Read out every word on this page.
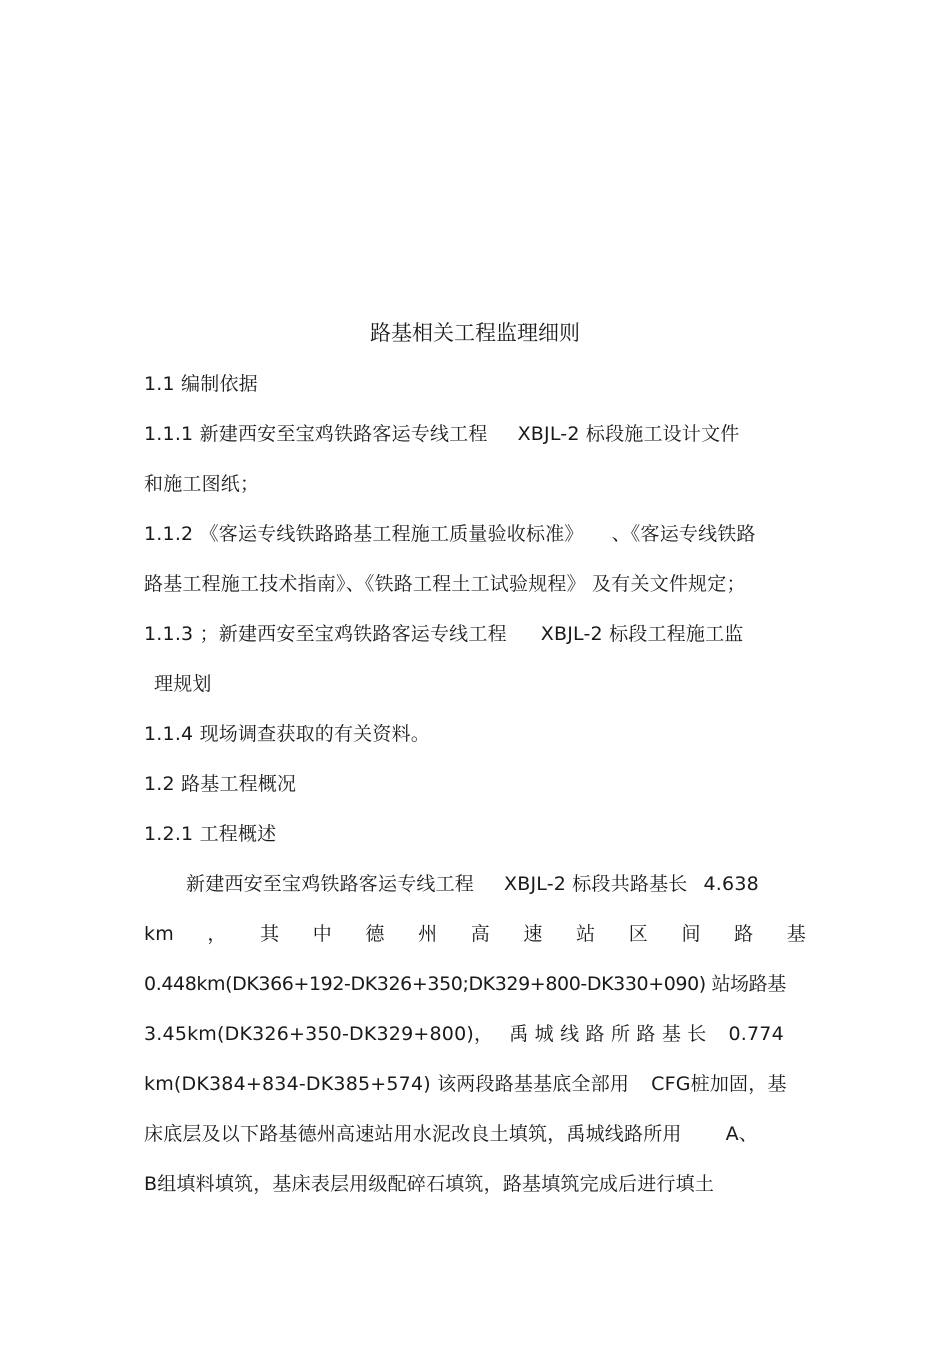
路基相关工程监理细则
1.1 编制依据
1.1.1 新建西安至宝鸡铁路客运专线工程 XBJL-2 标段施工设计文件
和施工图纸；
1.1.2 《客运专线铁路路基工程施工质量验收标准》 、《客运专线铁路
路基工程施工技术指南》、《铁路工程土工试验规程》 及有关文件规定；
1.1.3 ；新建西安至宝鸡铁路客运专线工程 XBJL-2 标段工程施工监
理规划
1.1.4 现场调查获取的有关资料。
1.2 路基工程概况
1.2.1 工程概述
新建西安至宝鸡铁路客运专线工程 XBJL-2 标段共路基长 4.638
km ， 其 中 德 州 高 速 站 区 间 路 基
0.448km(DK366+192-DK326+350;DK329+800-DK330+090) 站场路基
3.45km(DK326+350-DK329+800)， 禹 城 线 路 所 路 基 长 0.774
km(DK384+834-DK385+574) 该两段路基基底全部用 CFG桩加固，基
床底层及以下路基德州高速站用水泥改良土填筑，禹城线路所用 A、
B组填料填筑，基床表层用级配碎石填筑，路基填筑完成后进行填土
